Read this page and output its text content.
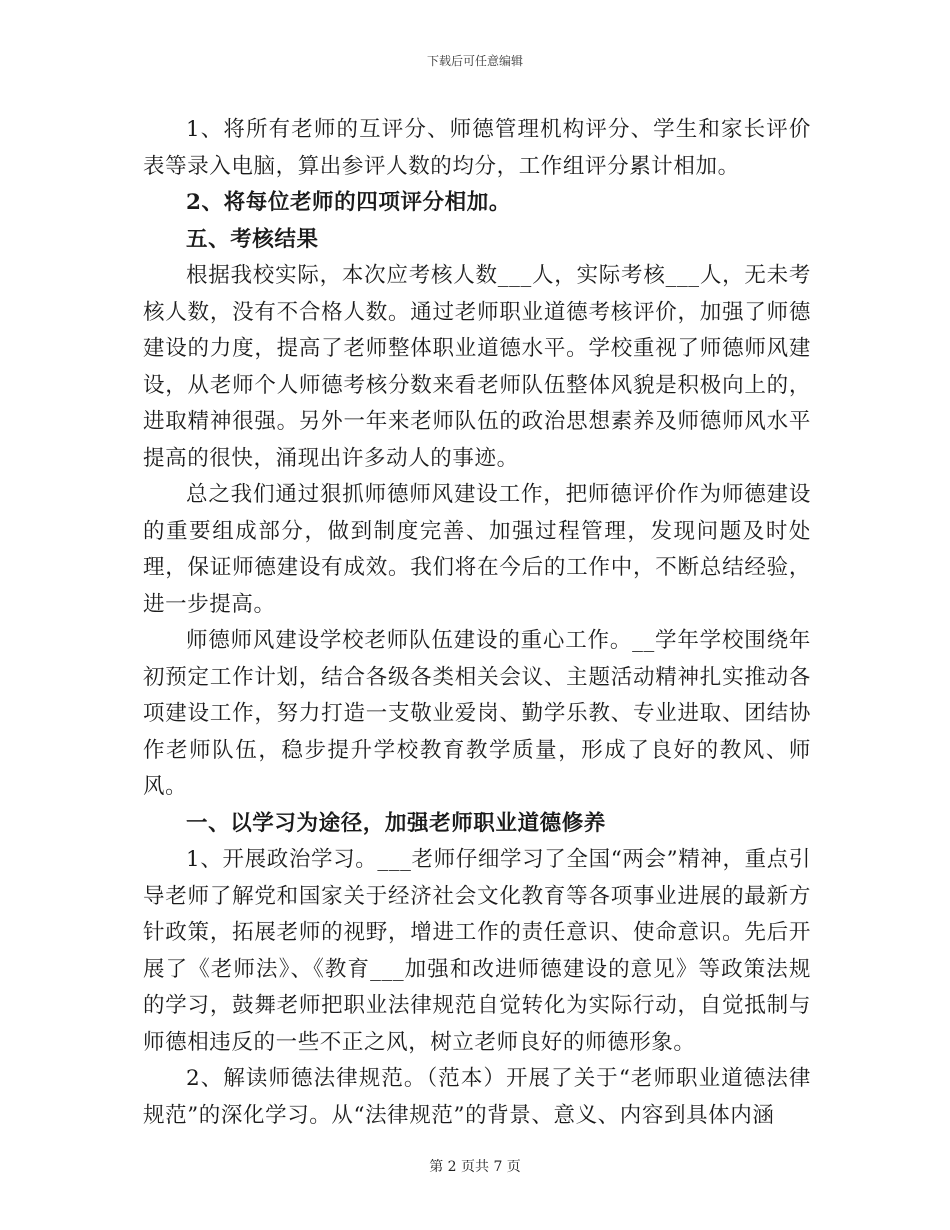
下载后可任意编辑

1、将所有老师的互评分、师德管理机构评分、学生和家长评价表等录入电脑，算出参评人数的均分，工作组评分累计相加。

2、将每位老师的四项评分相加。

五、考核结果

根据我校实际，本次应考核人数___人，实际考核___人，无未考核人数，没有不合格人数。通过老师职业道德考核评价，加强了师德建设的力度，提高了老师整体职业道德水平。学校重视了师德师风建设，从老师个人师德考核分数来看老师队伍整体风貌是积极向上的，进取精神很强。另外一年来老师队伍的政治思想素养及师德师风水平提高的很快，涌现出许多动人的事迹。

总之我们通过狠抓师德师风建设工作，把师德评价作为师德建设的重要组成部分，做到制度完善、加强过程管理，发现问题及时处理，保证师德建设有成效。我们将在今后的工作中，不断总结经验，进一步提高。

师德师风建设学校老师队伍建设的重心工作。__学年学校围绕年初预定工作计划，结合各级各类相关会议、主题活动精神扎实推动各项建设工作，努力打造一支敬业爱岗、勤学乐教、专业进取、团结协作老师队伍，稳步提升学校教育教学质量，形成了良好的教风、师风。

一、以学习为途径，加强老师职业道德修养

1、开展政治学习。___老师仔细学习了全国“两会”精神，重点引导老师了解党和国家关于经济社会文化教育等各项事业进展的最新方针政策，拓展老师的视野，增进工作的责任意识、使命意识。先后开展了《老师法》、《教育___加强和改进师德建设的意见》等政策法规的学习，鼓舞老师把职业法律规范自觉转化为实际行动，自觉抵制与师德相违反的一些不正之风，树立老师良好的师德形象。

2、解读师德法律规范。（范本）开展了关于“老师职业道德法律规范”的深化学习。从“法律规范”的背景、意义、内容到具体内涵

第 2 页共 7 页
